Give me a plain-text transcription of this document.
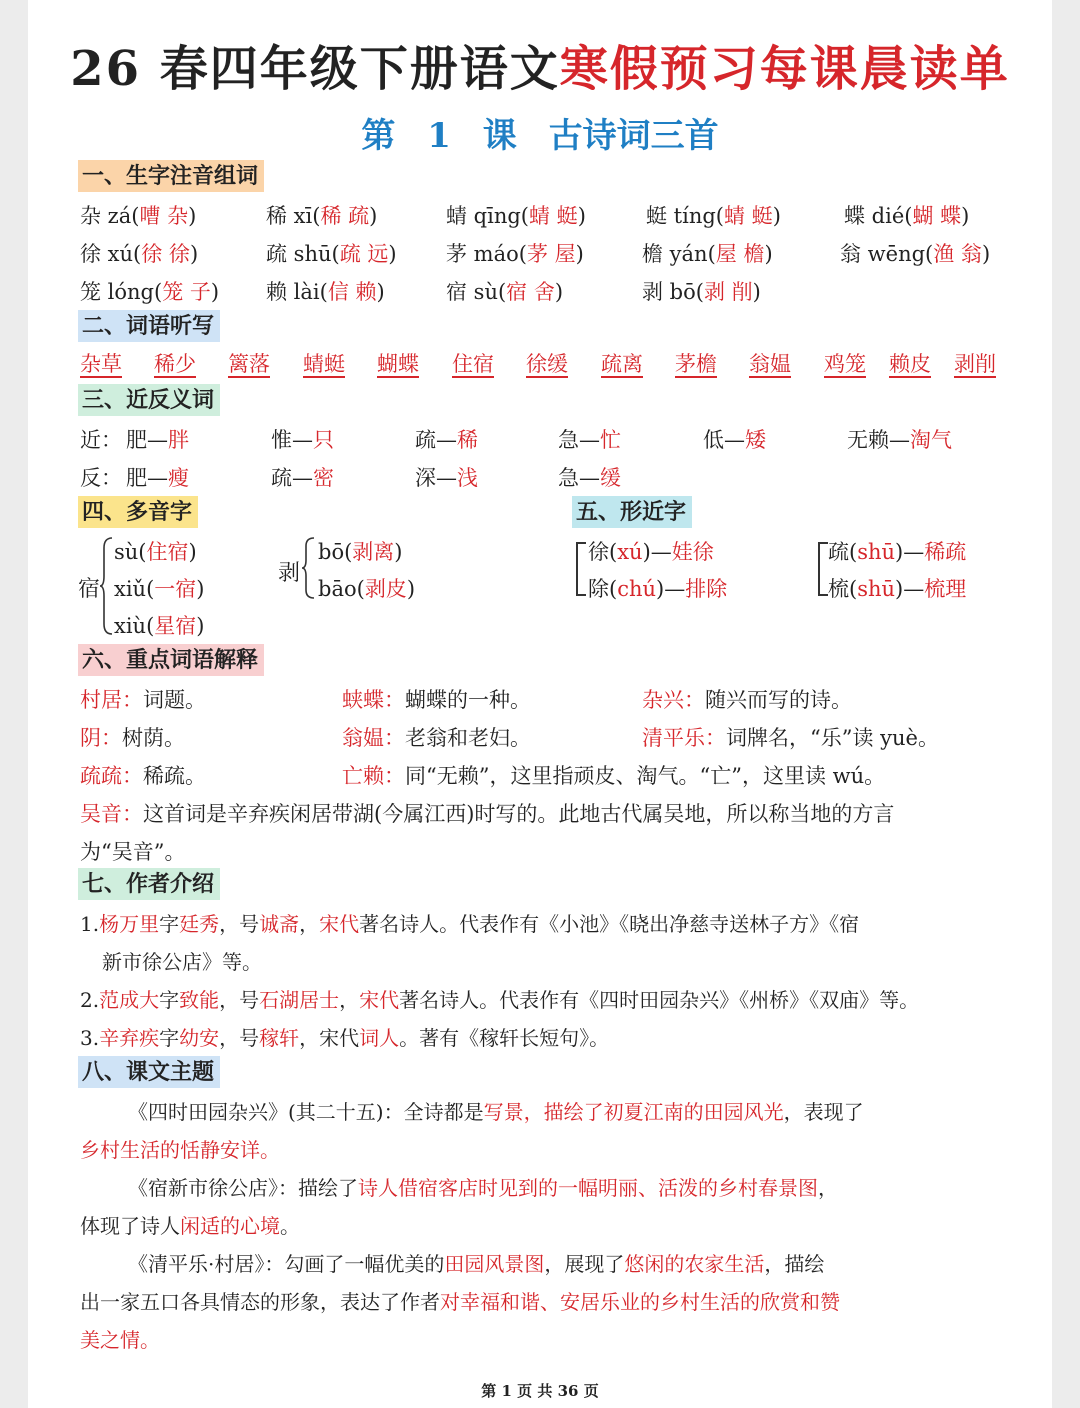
26 春四年级下册语文寒假预习每课晨读单
第 1 课 古诗词三首
一、生字注音组词
杂 zá(嘈 杂)	稀 xī(稀 疏)	蜻 qīng(蜻 蜓)	蜓 tíng(蜻 蜓)	蝶 dié(蝴 蝶)
徐 xú(徐 徐)	疏 shū(疏 远) 茅 máo(茅 屋)	檐 yán(屋 檐)	翁 wēng(渔 翁)
笼 lóng(笼 子) 赖 lài(信 赖)	宿 sù(宿 舍)	剥 bō(剥 削)
二、词语听写
杂草 稀少 篱落 蜻蜓 蝴蝶 住宿 徐缓 疏离 茅檐 翁媪 鸡笼 赖皮 剥削
三、近反义词
近： 肥—胖	惟—只	疏—稀	急—忙	低—矮	无赖—淘气
反： 肥—瘦	疏—密	深—浅	急—缓
四、多音字
宿
sù(住宿)
xiǔ(一宿)
xiù(星宿)
剥
bō(剥离)
bāo(剥皮)
五、形近字
徐(xú)—娃徐
除(chú)—排除
疏(shū)—稀疏
梳(shū)—梳理
六、重点词语解释
村居：词题。	蛱蝶：蝴蝶的一种。	杂兴：随兴而写的诗。
阴：树荫。	翁媪：老翁和老妇。	清平乐：词牌名，“乐”读 yuè。
疏疏：稀疏。	亡赖：同“无赖”，这里指顽皮、淘气。“亡”，这里读 wú。
吴音：这首词是辛弃疾闲居带湖(今属江西)时写的。此地古代属吴地，所以称当地的方言
为“吴音”。
七、作者介绍
1.杨万里字廷秀，号诚斋，宋代著名诗人。代表作有《小池》《晓出净慈寺送林子方》《宿
新市徐公店》等。
2.范成大字致能，号石湖居士，宋代著名诗人。代表作有《四时田园杂兴》《州桥》《双庙》等。
3.辛弃疾字幼安，号稼轩，宋代词人。著有《稼轩长短句》。
八、课文主题
《四时田园杂兴》(其二十五)：全诗都是写景，描绘了初夏江南的田园风光，表现了
乡村生活的恬静安详。
《宿新市徐公店》：描绘了诗人借宿客店时见到的一幅明丽、活泼的乡村春景图，
体现了诗人闲适的心境。
《清平乐·村居》：勾画了一幅优美的田园风景图，展现了悠闲的农家生活，描绘
出一家五口各具情态的形象，表达了作者对幸福和谐、安居乐业的乡村生活的欣赏和赞
美之情。
第 1 页 共 36 页
